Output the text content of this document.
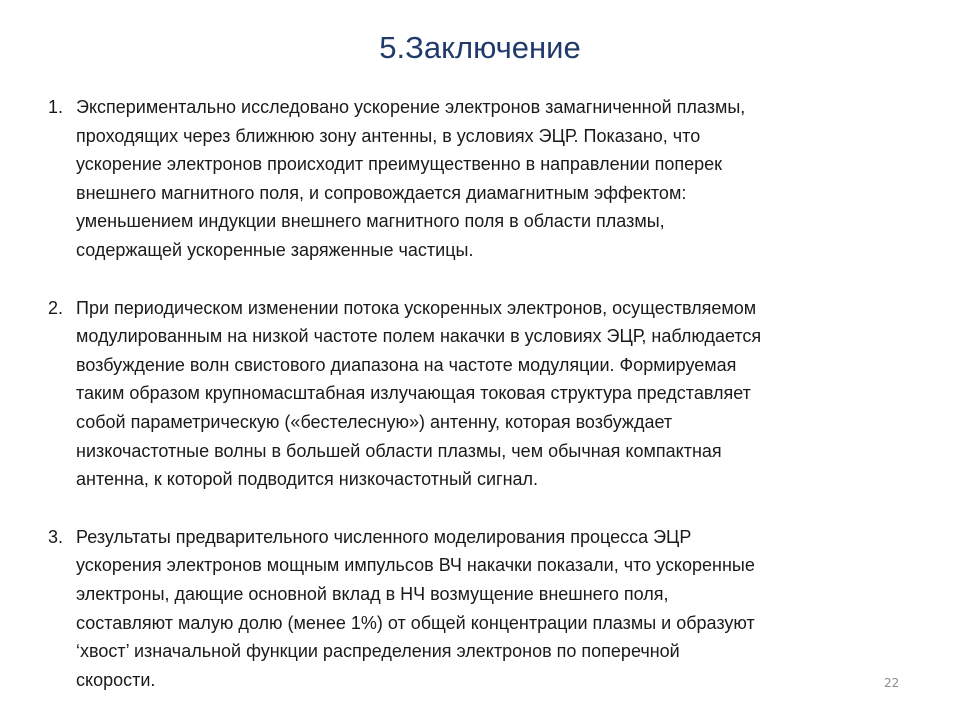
5.Заключение
1. Экспериментально исследовано ускорение электронов замагниченной плазмы,
проходящих через ближнюю зону антенны, в условиях ЭЦР. Показано, что
ускорение электронов происходит преимущественно в направлении поперек
внешнего магнитного поля, и сопровождается диамагнитным эффектом:
уменьшением индукции внешнего магнитного поля в области плазмы,
содержащей ускоренные заряженные частицы.
2. При периодическом изменении потока ускоренных электронов, осуществляемом
модулированным на низкой частоте полем накачки в условиях ЭЦР, наблюдается
возбуждение волн свистового диапазона на частоте модуляции. Формируемая
таким образом крупномасштабная излучающая токовая структура представляет
собой параметрическую («бестелесную») антенну, которая возбуждает
низкочастотные волны в большей области плазмы, чем обычная компактная
антенна, к которой подводится низкочастотный сигнал.
3. Результаты предварительного численного моделирования процесса ЭЦР
ускорения электронов мощным импульсов ВЧ накачки показали, что ускоренные
электроны, дающие основной вклад в НЧ возмущение внешнего поля,
составляют малую долю (менее 1%) от общей концентрации плазмы и образуют
‘хвост’ изначальной функции распределения электронов по поперечной
скорости.	22
